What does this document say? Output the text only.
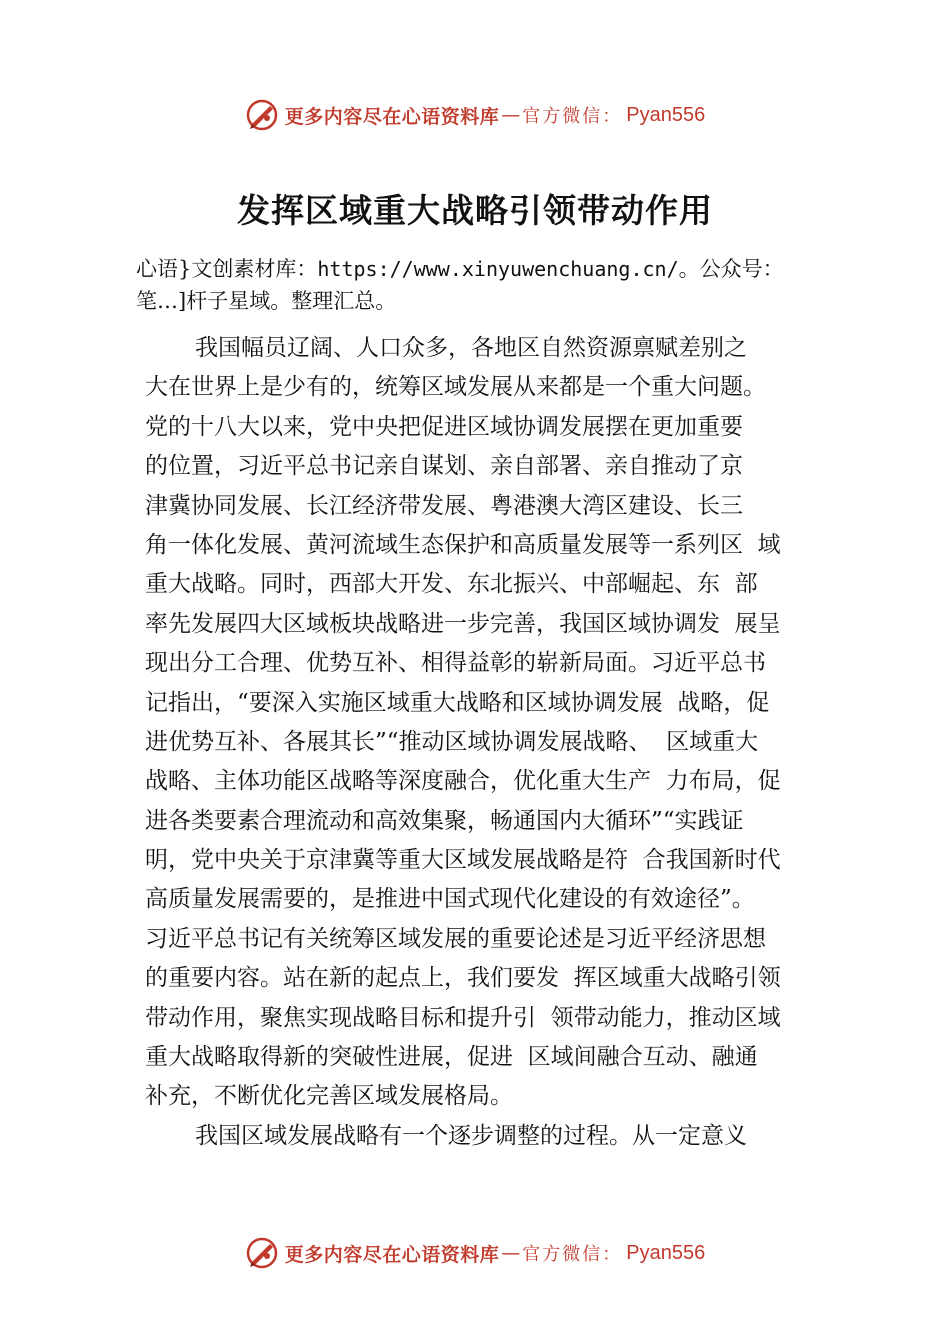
更多内容尽在心语资料库 — 官方微信： Pyan556
发挥区域重大战略引领带动作用
心语}文创素材库：https://www.xinyuwenchuang.cn/。公众号：
笔…]杆子星域。整理汇总。
我国幅员辽阔、人口众多，各地区自然资源禀赋差别之
大在世界上是少有的，统筹区域发展从来都是一个重大问题。
党的十八大以来，党中央把促进区域协调发展摆在更加重要
的位置，习近平总书记亲自谋划、亲自部署、亲自推动了京
津冀协同发展、长江经济带发展、粤港澳大湾区建设、长三
角一体化发展、黄河流域生态保护和高质量发展等一系列区  域
重大战略。同时，西部大开发、东北振兴、中部崛起、东  部
率先发展四大区域板块战略进一步完善，我国区域协调发  展呈
现出分工合理、优势互补、相得益彰的崭新局面。习近平总书
记指出，“要深入实施区域重大战略和区域协调发展  战略，促
进优势互补、各展其长”“推动区域协调发展战略、  区域重大
战略、主体功能区战略等深度融合，优化重大生产  力布局，促
进各类要素合理流动和高效集聚，畅通国内大循环”“实践证
明，党中央关于京津冀等重大区域发展战略是符  合我国新时代
高质量发展需要的，是推进中国式现代化建设的有效途径”。
习近平总书记有关统筹区域发展的重要论述是习近平经济思想
的重要内容。站在新的起点上，我们要发  挥区域重大战略引领
带动作用，聚焦实现战略目标和提升引  领带动能力，推动区域
重大战略取得新的突破性进展，促进  区域间融合互动、融通
补充，不断优化完善区域发展格局。
我国区域发展战略有一个逐步调整的过程。从一定意义
更多内容尽在心语资料库 — 官方微信： Pyan556
